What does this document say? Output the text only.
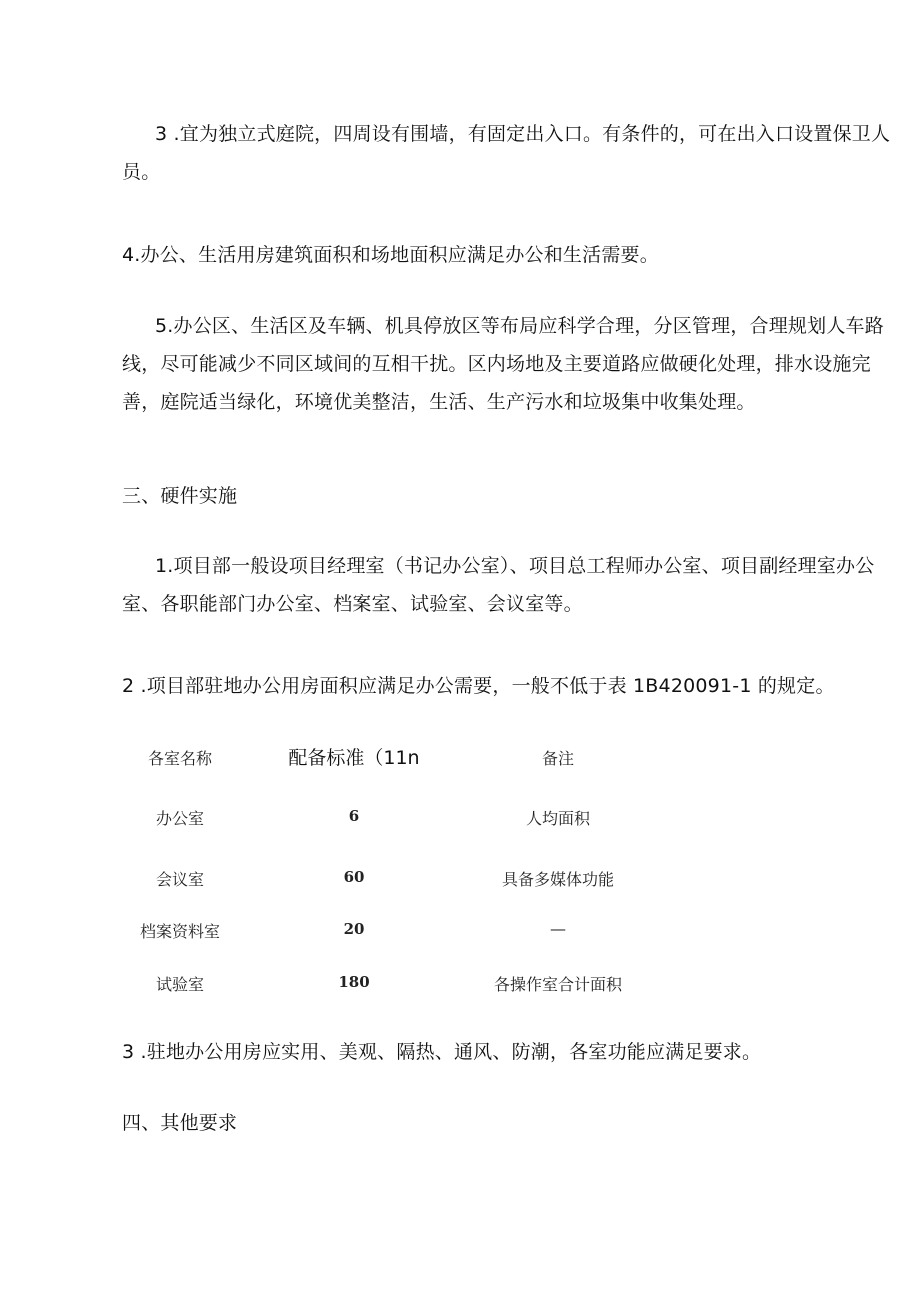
3 .宜为独立式庭院，四周设有围墙，有固定出入口。有条件的，可在出入口设置保卫人员。

4.办公、生活用房建筑面积和场地面积应满足办公和生活需要。

5.办公区、生活区及车辆、机具停放区等布局应科学合理，分区管理，合理规划人车路线，尽可能减少不同区域间的互相干扰。区内场地及主要道路应做硬化处理，排水设施完善，庭院适当绿化，环境优美整洁，生活、生产污水和垃圾集中收集处理。

三、硬件实施

1.项目部一般设项目经理室（书记办公室）、项目总工程师办公室、项目副经理室办公室、各职能部门办公室、档案室、试验室、会议室等。

2 .项目部驻地办公用房面积应满足办公需要，一般不低于表 1B420091-1 的规定。

各室名称	配备标准（11n	备注
办公室	6	人均面积
会议室	60	具备多媒体功能
档案资料室	20	—
试验室	180	各操作室合计面积

3 .驻地办公用房应实用、美观、隔热、通风、防潮，各室功能应满足要求。

四、其他要求
